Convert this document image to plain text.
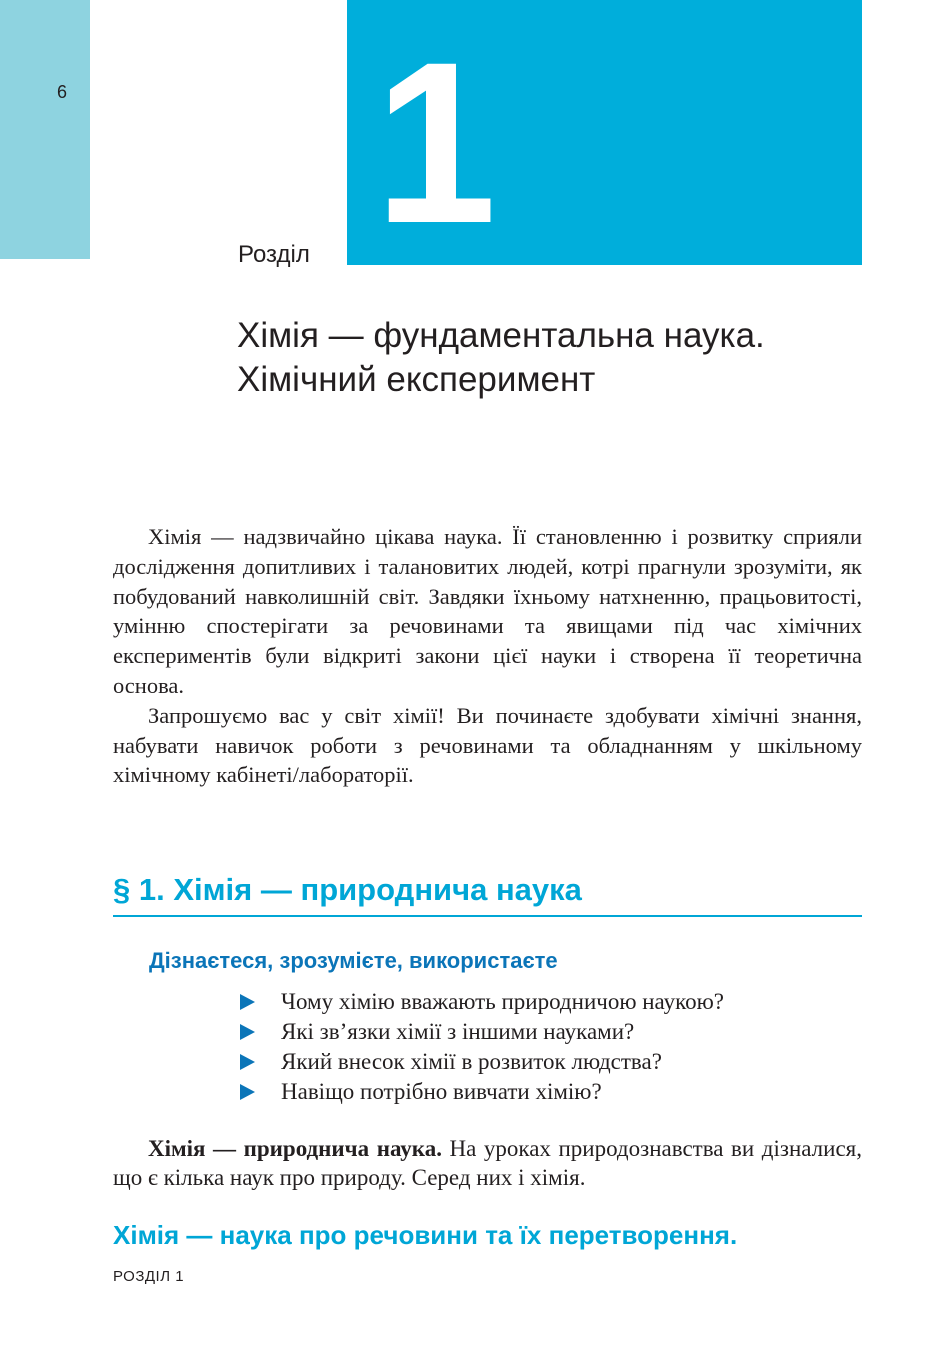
6 1
Розділ
Хімія — фундаментальна наука.
Хімічний експеримент

Хімія — надзвичайно цікава наука. Її становленню і розвитку сприяли дослідження допитливих і талановитих людей, котрі прагнули зрозуміти, як побудований навколишній світ. Завдяки їхньому натхненню, працьовитості, умінню спостерігати за речовинами та явищами під час хімічних експериментів були відкриті закони цієї науки і створена її теоретична основа.

Запрошуємо вас у світ хімії! Ви починаєте здобувати хімічні знання, набувати навичок роботи з речовинами та обладнанням у шкільному хімічному кабінеті/лабораторії.

§ 1. Хімія — природнича наука
Дізнаєтеся, зрозумієте, використаєте
Чому хімію вважають природничою наукою?
Які зв’язки хімії з іншими науками?
Який внесок хімії в розвиток людства?
Навіщо потрібно вивчати хімію?

Хімія — природнича наука. На уроках природознавства ви дізналися, що є кілька наук про природу. Серед них і хімія.

Хімія — наука про речовини та їх перетворення.
РОЗДІЛ 1
